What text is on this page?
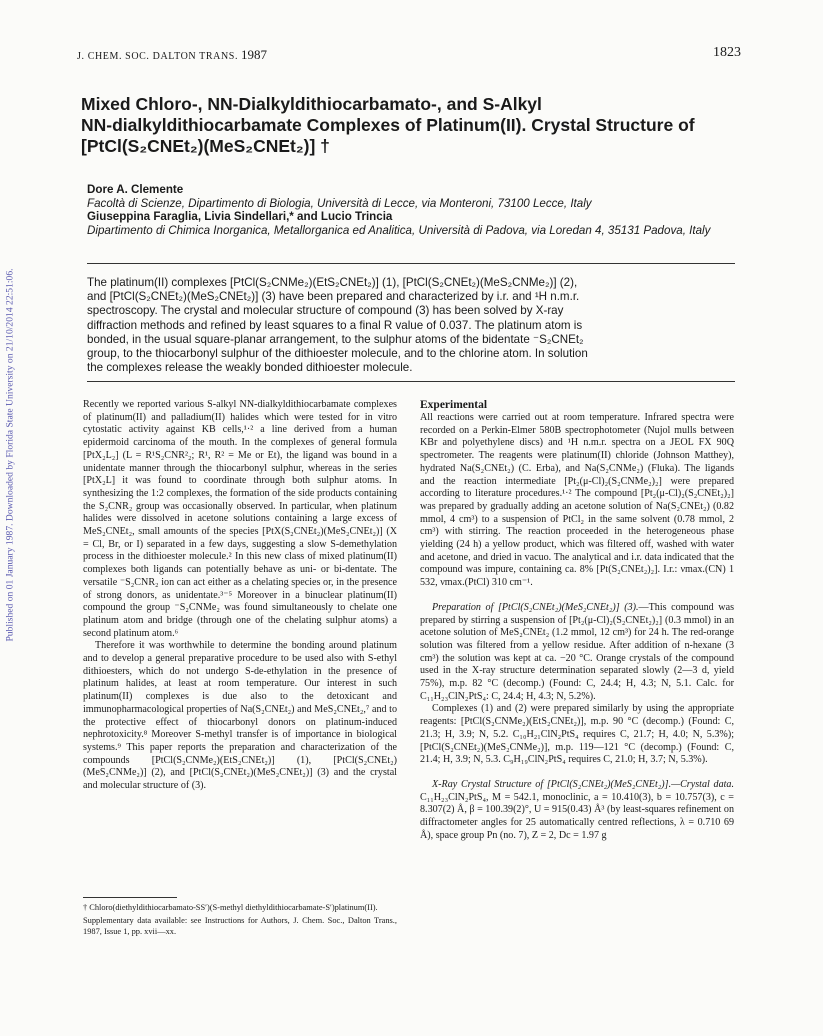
J. CHEM. SOC. DALTON TRANS. 1987	1823
Published on 01 January 1987. Downloaded by Florida State University on 21/10/2014 22:51:06.
Mixed Chloro-, NN-Dialkyldithiocarbamato-, and S-Alkyl
NN-dialkyldithiocarbamate Complexes of Platinum(II). Crystal Structure of
[PtCl(S₂CNEt₂)(MeS₂CNEt₂)] †
Dore A. Clemente
Facoltà di Scienze, Dipartimento di Biologia, Università di Lecce, via Monteroni, 73100 Lecce, Italy
Giuseppina Faraglia, Livia Sindellari,* and Lucio Trincia
Dipartimento di Chimica Inorganica, Metallorganica ed Analitica, Università di Padova, via Loredan 4, 35131 Padova, Italy
The platinum(II) complexes [PtCl(S₂CNMe₂)(EtS₂CNEt₂)] (1), [PtCl(S₂CNEt₂)(MeS₂CNMe₂)] (2),
and [PtCl(S₂CNEt₂)(MeS₂CNEt₂)] (3) have been prepared and characterized by i.r. and ¹H n.m.r.
spectroscopy. The crystal and molecular structure of compound (3) has been solved by X-ray
diffraction methods and refined by least squares to a final R value of 0.037. The platinum atom is
bonded, in the usual square-planar arrangement, to the sulphur atoms of the bidentate ⁻S₂CNEt₂
group, to the thiocarbonyl sulphur of the dithioester molecule, and to the chlorine atom. In solution
the complexes release the weakly bonded dithioester molecule.

Recently we reported various S-alkyl NN-dialkyldithiocarbamate complexes of platinum(II) and palladium(II) halides which were tested for in vitro cytostatic activity against KB cells,¹·² a line derived from a human epidermoid carcinoma of the mouth. In the complexes of general formula [PtX₂L₂] (L = R¹S₂CNR²₂; R¹, R² = Me or Et), the ligand was bound in a unidentate manner through the thiocarbonyl sulphur, whereas in the series [PtX₂L] it was found to coordinate through both sulphur atoms. In synthesizing the 1:2 complexes, the formation of the side products containing the S₂CNR₂ group was occasionally observed. In particular, when platinum halides were dissolved in acetone solutions containing a large excess of MeS₂CNEt₂, small amounts of the species [PtX(S₂CNEt₂)(MeS₂CNEt₂)] (X = Cl, Br, or I) separated in a few days, suggesting a slow S-demethylation process in the dithioester molecule.² In this new class of mixed platinum(II) complexes both ligands can potentially behave as uni- or bi-dentate. The versatile ⁻S₂CNR₂ ion can act either as a chelating species or, in the presence of strong donors, as unidentate.³⁻⁵ Moreover in a binuclear platinum(II) compound the group ⁻S₂CNMe₂ was found simultaneously to chelate one platinum atom and bridge (through one of the chelating sulphur atoms) a second platinum atom.⁶

Therefore it was worthwhile to determine the bonding around platinum and to develop a general preparative procedure to be used also with S-ethyl dithioesters, which do not undergo S-de-ethylation in the presence of platinum halides, at least at room temperature. Our interest in such platinum(II) complexes is due also to the detoxicant and immunopharmacological properties of Na(S₂CNEt₂) and MeS₂CNEt₂,⁷ and to the protective effect of thiocarbonyl donors on platinum-induced nephrotoxicity.⁸ Moreover S-methyl transfer is of importance in biological systems.⁹ This paper reports the preparation and characterization of the compounds [PtCl(S₂CNMe₂)(EtS₂CNEt₂)] (1), [PtCl(S₂CNEt₂)(MeS₂CNMe₂)] (2), and [PtCl(S₂CNEt₂)(MeS₂CNEt₂)] (3) and the crystal and molecular structure of (3).

† Chloro(diethyldithiocarbamato-SS′)(S-methyl diethyldithiocarbamate-S′)platinum(II).

Supplementary data available: see Instructions for Authors, J. Chem. Soc., Dalton Trans., 1987, Issue 1, pp. xvii—xx.

Experimental

All reactions were carried out at room temperature. Infrared spectra were recorded on a Perkin-Elmer 580B spectrophotometer (Nujol mulls between KBr and polyethylene discs) and ¹H n.m.r. spectra on a JEOL FX 90Q spectrometer. The reagents were platinum(II) chloride (Johnson Matthey), hydrated Na(S₂CNEt₂) (C. Erba), and Na(S₂CNMe₂) (Fluka). The ligands and the reaction intermediate [Pt₂(μ-Cl)₂(S₂CNMe₂)₂] were prepared according to literature procedures.¹·² The compound [Pt₂(μ-Cl)₂(S₂CNEt₂)₂] was prepared by gradually adding an acetone solution of Na(S₂CNEt₂) (0.82 mmol, 4 cm³) to a suspension of PtCl₂ in the same solvent (0.78 mmol, 2 cm³) with stirring. The reaction proceeded in the heterogeneous phase yielding (24 h) a yellow product, which was filtered off, washed with water and acetone, and dried in vacuo. The analytical and i.r. data indicated that the compound was impure, containing ca. 8% [Pt(S₂CNEt₂)₂]. I.r.: νmax.(CN) 1 532, νmax.(PtCl) 310 cm⁻¹.

Preparation of [PtCl(S₂CNEt₂)(MeS₂CNEt₂)] (3).—This compound was prepared by stirring a suspension of [Pt₂(μ-Cl)₂(S₂CNEt₂)₂] (0.3 mmol) in an acetone solution of MeS₂CNEt₂ (1.2 mmol, 12 cm³) for 24 h. The red-orange solution was filtered from a yellow residue. After addition of n-hexane (3 cm³) the solution was kept at ca. −20 °C. Orange crystals of the compound used in the X-ray structure determination separated slowly (2—3 d, yield 75%), m.p. 82 °C (decomp.) (Found: C, 24.4; H, 4.3; N, 5.1. Calc. for C₁₁H₂₃ClN₂PtS₄: C, 24.4; H, 4.3; N, 5.2%).

Complexes (1) and (2) were prepared similarly by using the appropriate reagents: [PtCl(S₂CNMe₂)(EtS₂CNEt₂)], m.p. 90 °C (decomp.) (Found: C, 21.3; H, 3.9; N, 5.2. C₁₀H₂₁ClN₂PtS₄ requires C, 21.7; H, 4.0; N, 5.3%); [PtCl(S₂CNEt₂)(MeS₂CNMe₂)], m.p. 119—121 °C (decomp.) (Found: C, 21.4; H, 3.9; N, 5.3. C₉H₁₉ClN₂PtS₄ requires C, 21.0; H, 3.7; N, 5.3%).

X-Ray Crystal Structure of [PtCl(S₂CNEt₂)(MeS₂CNEt₂)].—Crystal data. C₁₁H₂₃ClN₂PtS₄, M = 542.1, monoclinic, a = 10.410(3), b = 10.757(3), c = 8.307(2) Å, β = 100.39(2)°, U = 915(0.43) Å³ (by least-squares refinement on diffractometer angles for 25 automatically centred reflections, λ = 0.710 69 Å), space group Pn (no. 7), Z = 2, Dc = 1.97 g
